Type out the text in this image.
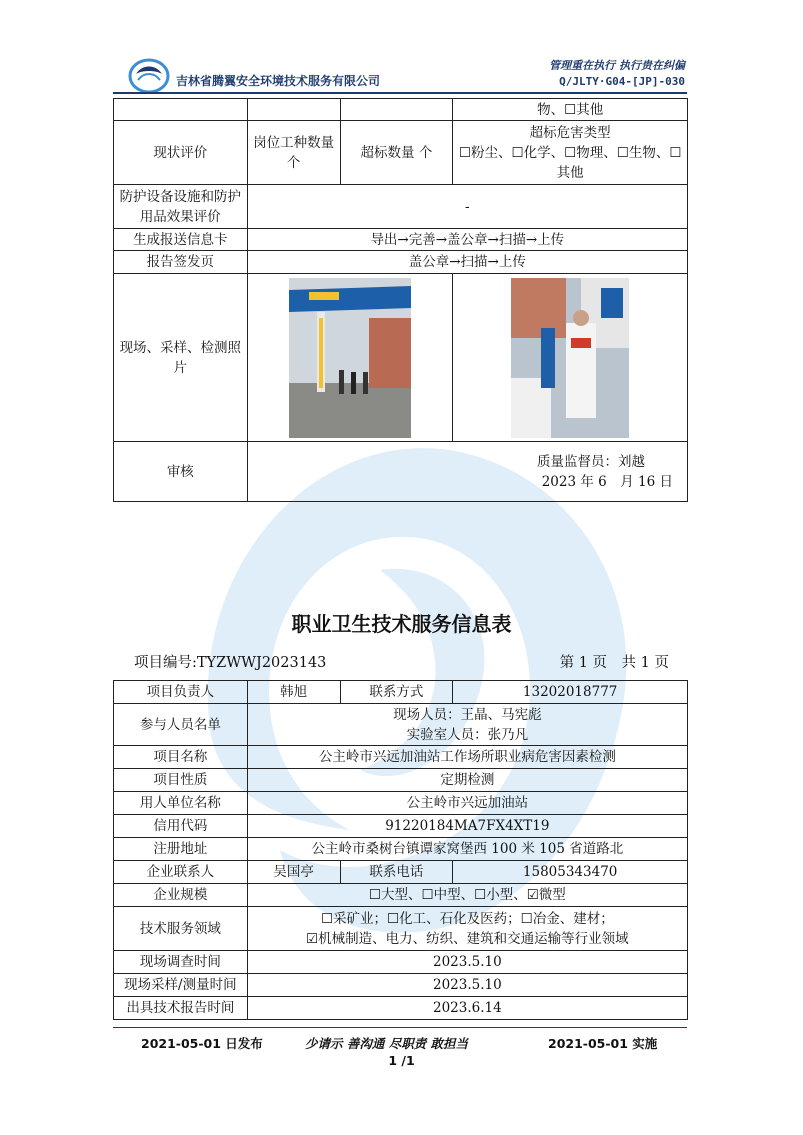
吉林省腾翼安全环境技术服务有限公司
管理重在执行 执行贵在纠偏
Q/JLTY·G04-[JP]-030
			物、☐其他
现状评价	岗位工种数量　个	超标数量 个	超标危害类型
☐粉尘、☐化学、☐物理、☐生物、☐其他

防护设备设施和防护用品效果评价	-		
生成报送信息卡	导出→完善→盖公章→扫描→上传		
报告签发页	盖公章→扫描→上传		
现场、采样、检测照片	

审核	质量监督员：刘越
2023 年 6　月 16 日		
职业卫生技术服务信息表
项目编号:TYZWWJ2023143	第 1 页　共 1 页
项目负责人	韩旭	联系方式	13202018777
参与人员名单	现场人员：王晶、马宪彪
实验室人员：张乃凡		

项目名称	公主岭市兴远加油站工作场所职业病危害因素检测		
项目性质	定期检测		
用人单位名称	公主岭市兴远加油站		
信用代码	91220184MA7FX4XT19		
注册地址	公主岭市桑树台镇谭家窝堡西 100 米 105 省道路北		
企业联系人	吴国亭	联系电话	15805343470
企业规模	☐大型、☐中型、☐小型、☑微型		
技术服务领域	☐采矿业；☐化工、石化及医药；☐冶金、建材；
☑机械制造、电力、纺织、建筑和交通运输等行业领域		

现场调查时间	2023.5.10		
现场采样/测量时间	2023.5.10		
出具技术报告时间	2023.6.14		
2021-05-01 日发布	少请示 善沟通 尽职责 敢担当	2021-05-01 实施
1 /1
